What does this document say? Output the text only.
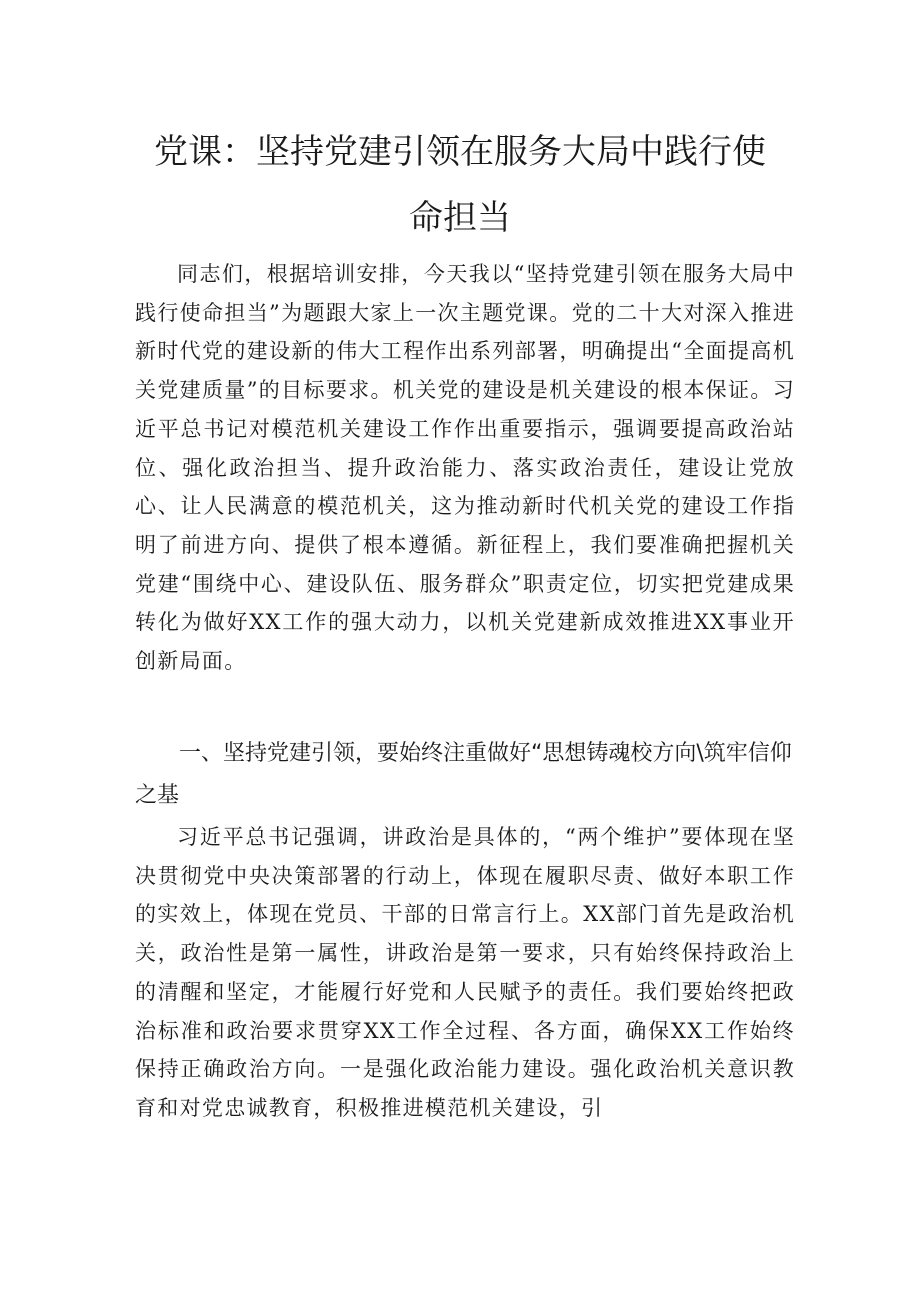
党课：坚持党建引领在服务大局中践行使
命担当

同志们，根据培训安排，今天我以“坚持党建引领在服务大局中践行使命担当”为题跟大家上一次主题党课。党的二十大对深入推进新时代党的建设新的伟大工程作出系列部署，明确提出“全面提高机关党建质量”的目标要求。机关党的建设是机关建设的根本保证。习近平总书记对模范机关建设工作作出重要指示，强调要提高政治站位、强化政治担当、提升政治能力、落实政治责任，建设让党放心、让人民满意的模范机关，这为推动新时代机关党的建设工作指明了前进方向、提供了根本遵循。新征程上，我们要准确把握机关党建“围绕中心、建设队伍、服务群众”职责定位，切实把党建成果转化为做好XX工作的强大动力，以机关党建新成效推进XX事业开创新局面。

一、坚持党建引领，要始终注重做好“思想铸魂校方向\筑牢信仰之基

习近平总书记强调，讲政治是具体的，“两个维护”要体现在坚决贯彻党中央决策部署的行动上，体现在履职尽责、做好本职工作的实效上，体现在党员、干部的日常言行上。XX部门首先是政治机关，政治性是第一属性，讲政治是第一要求，只有始终保持政治上的清醒和坚定，才能履行好党和人民赋予的责任。我们要始终把政治标准和政治要求贯穿XX工作全过程、各方面，确保XX工作始终保持正确政治方向。一是强化政治能力建设。强化政治机关意识教育和对党忠诚教育，积极推进模范机关建设，引
